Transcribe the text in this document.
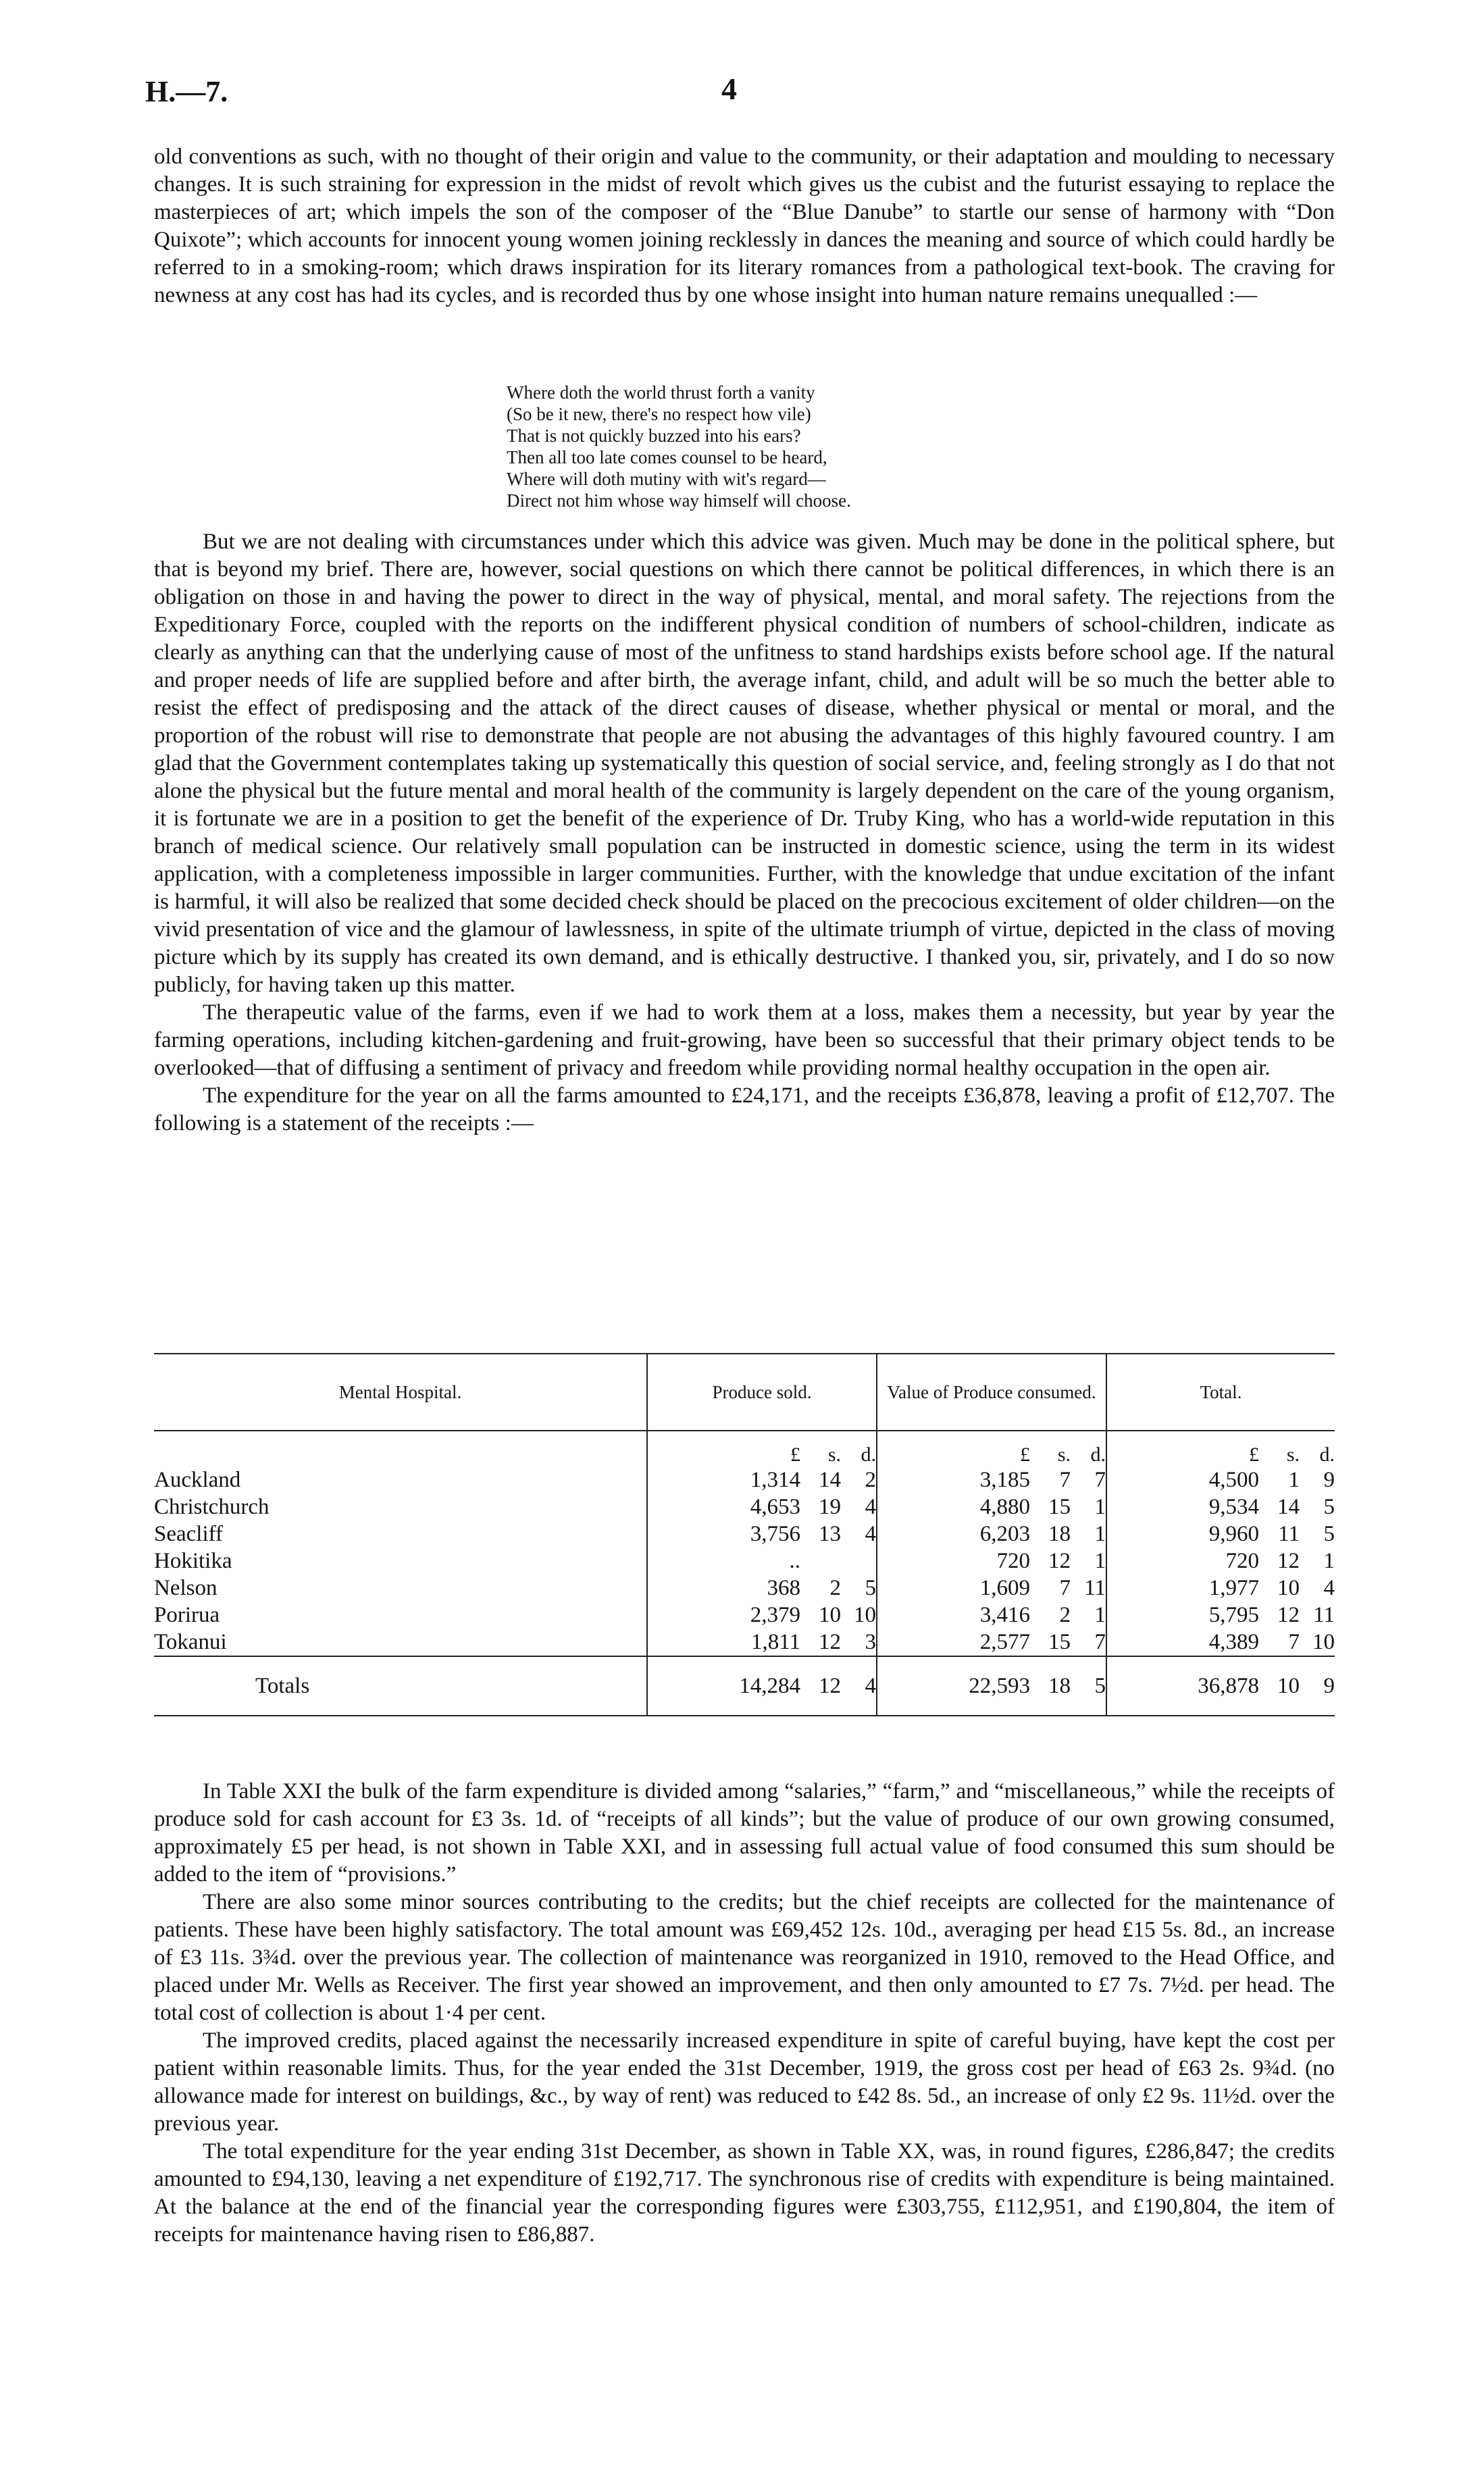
H.—7.	4

old conventions as such, with no thought of their origin and value to the community, or their adaptation and moulding to necessary changes. It is such straining for expression in the midst of revolt which gives us the cubist and the futurist essaying to replace the masterpieces of art; which impels the son of the composer of the “Blue Danube” to startle our sense of harmony with “Don Quixote”; which accounts for innocent young women joining recklessly in dances the meaning and source of which could hardly be referred to in a smoking-room; which draws inspiration for its literary romances from a pathological text-book. The craving for newness at any cost has had its cycles, and is recorded thus by one whose insight into human nature remains unequalled :—

Where doth the world thrust forth a vanity
(So be it new, there's no respect how vile)
That is not quickly buzzed into his ears?
Then all too late comes counsel to be heard,
Where will doth mutiny with wit's regard—
Direct not him whose way himself will choose.

But we are not dealing with circumstances under which this advice was given. Much may be done in the political sphere, but that is beyond my brief. There are, however, social questions on which there cannot be political differences, in which there is an obligation on those in and having the power to direct in the way of physical, mental, and moral safety. The rejections from the Expeditionary Force, coupled with the reports on the indifferent physical condition of numbers of school-children, indicate as clearly as anything can that the underlying cause of most of the unfitness to stand hardships exists before school age. If the natural and proper needs of life are supplied before and after birth, the average infant, child, and adult will be so much the better able to resist the effect of predisposing and the attack of the direct causes of disease, whether physical or mental or moral, and the proportion of the robust will rise to demonstrate that people are not abusing the advantages of this highly favoured country. I am glad that the Government contemplates taking up systematically this question of social service, and, feeling strongly as I do that not alone the physical but the future mental and moral health of the community is largely dependent on the care of the young organism, it is fortunate we are in a position to get the benefit of the experience of Dr. Truby King, who has a world-wide reputation in this branch of medical science. Our relatively small population can be instructed in domestic science, using the term in its widest application, with a completeness impossible in larger communities. Further, with the knowledge that undue excitation of the infant is harmful, it will also be realized that some decided check should be placed on the precocious excitement of older children—on the vivid presentation of vice and the glamour of lawlessness, in spite of the ultimate triumph of virtue, depicted in the class of moving picture which by its supply has created its own demand, and is ethically destructive. I thanked you, sir, privately, and I do so now publicly, for having taken up this matter.

The therapeutic value of the farms, even if we had to work them at a loss, makes them a necessity, but year by year the farming operations, including kitchen-gardening and fruit-growing, have been so successful that their primary object tends to be overlooked—that of diffusing a sentiment of privacy and freedom while providing normal healthy occupation in the open air.

The expenditure for the year on all the farms amounted to £24,171, and the receipts £36,878, leaving a profit of £12,707. The following is a statement of the receipts :—

Mental Hospital.	Produce sold.	Value of Produce consumed.	Total.
	£ s. d.	£ s. d.	£ s. d.
Auckland	1,314 14 2	3,185 7 7	4,500 1 9
Christchurch	4,653 19 4	4,880 15 1	9,534 14 5
Seacliff	3,756 13 4	6,203 18 1	9,960 11 5
Hokitika	..	720 12 1	720 12 1
Nelson	368 2 5	1,609 7 11	1,977 10 4
Porirua	2,379 10 10	3,416 2 1	5,795 12 11
Tokanui	1,811 12 3	2,577 15 7	4,389 7 10
Totals	14,284 12 4	22,593 18 5	36,878 10 9

In Table XXI the bulk of the farm expenditure is divided among “salaries,” “farm,” and “miscellaneous,” while the receipts of produce sold for cash account for £3 3s. 1d. of “receipts of all kinds”; but the value of produce of our own growing consumed, approximately £5 per head, is not shown in Table XXI, and in assessing full actual value of food consumed this sum should be added to the item of “provisions.”

There are also some minor sources contributing to the credits; but the chief receipts are collected for the maintenance of patients. These have been highly satisfactory. The total amount was £69,452 12s. 10d., averaging per head £15 5s. 8d., an increase of £3 11s. 3¾d. over the previous year. The collection of maintenance was reorganized in 1910, removed to the Head Office, and placed under Mr. Wells as Receiver. The first year showed an improvement, and then only amounted to £7 7s. 7½d. per head. The total cost of collection is about 1·4 per cent.

The improved credits, placed against the necessarily increased expenditure in spite of careful buying, have kept the cost per patient within reasonable limits. Thus, for the year ended the 31st December, 1919, the gross cost per head of £63 2s. 9¾d. (no allowance made for interest on buildings, &c., by way of rent) was reduced to £42 8s. 5d., an increase of only £2 9s. 11½d. over the previous year.

The total expenditure for the year ending 31st December, as shown in Table XX, was, in round figures, £286,847; the credits amounted to £94,130, leaving a net expenditure of £192,717. The synchronous rise of credits with expenditure is being maintained. At the balance at the end of the financial year the corresponding figures were £303,755, £112,951, and £190,804, the item of receipts for maintenance having risen to £86,887.
